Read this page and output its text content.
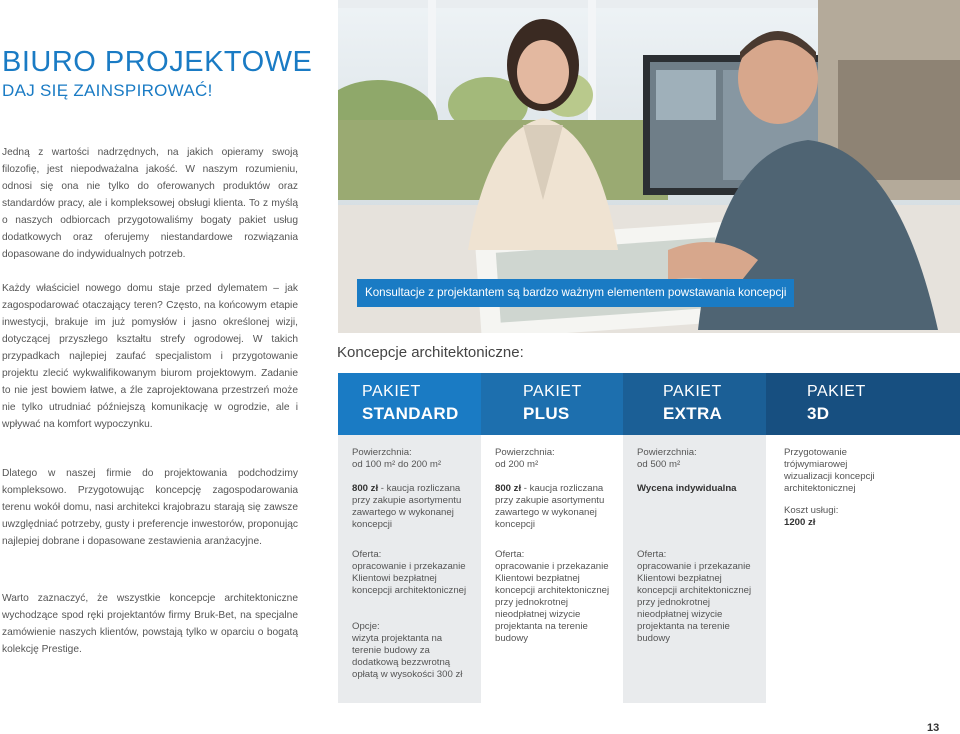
BIURO PROJEKTOWE
DAJ SIĘ ZAINSPIROWAĆ!

Jedną z wartości nadrzędnych, na jakich opieramy swoją filozofię, jest niepodważalna jakość. W naszym rozumieniu, odnosi się ona nie tylko do oferowanych produktów oraz standardów pracy, ale i kompleksowej obsługi klienta. To z myślą o naszych odbiorcach przygotowaliśmy bogaty pakiet usług dodatkowych oraz oferujemy niestandardowe rozwiązania dopasowane do indywidualnych potrzeb.

Każdy właściciel nowego domu staje przed dylematem – jak zagospodarować otaczający teren? Często, na końcowym etapie inwestycji, brakuje im już pomysłów i jasno określonej wizji, dotyczącej przyszłego kształtu strefy ogrodowej. W takich przypadkach najlepiej zaufać specjalistom i przygotowanie projektu zlecić wykwalifikowanym biurom projektowym. Zadanie to nie jest bowiem łatwe, a źle zaprojektowana przestrzeń może nie tylko utrudniać późniejszą komunikację w ogrodzie, ale i wpływać na komfort wypoczynku.

Dlatego w naszej firmie do projektowania podchodzimy kompleksowo. Przygotowując koncepcję zagospodarowania terenu wokół domu, nasi architekci krajobrazu starają się zawsze uwzględniać potrzeby, gusty i preferencje inwestorów, proponując najlepiej dobrane i dopasowane zestawienia aranżacyjne.

Warto zaznaczyć, że wszystkie koncepcje architektoniczne wychodzące spod ręki projektantów firmy Bruk-Bet, na specjalne zamówienie naszych klientów, powstają tylko w oparciu o bogatą kolekcję Prestige.

Konsultacje z projektantem są bardzo ważnym elementem powstawania koncepcji
Koncepcje architektoniczne:
PAKIET
STANDARD
PAKIET
PLUS
PAKIET
EXTRA
PAKIET
3D
Powierzchnia:
od 100 m² do 200 m²
800 zł - kaucja rozliczana przy zakupie asortymentu zawartego w wykonanej koncepcji
Oferta:
opracowanie i przekazanie Klientowi bezpłatnej koncepcji architektonicznej
Opcje:
wizyta projektanta na terenie budowy za dodatkową bezzwrotną opłatą w wysokości 300 zł
Powierzchnia:
od 200 m²
800 zł - kaucja rozliczana przy zakupie asortymentu zawartego w wykonanej koncepcji
Oferta:
opracowanie i przekazanie Klientowi bezpłatnej koncepcji architektonicznej przy jednokrotnej nieodpłatnej wizycie projektanta na terenie budowy
Powierzchnia:
od 500 m²
Wycena indywidualna
Oferta:
opracowanie i przekazanie Klientowi bezpłatnej koncepcji architektonicznej przy jednokrotnej nieodpłatnej wizycie projektanta na terenie budowy
Przygotowanie trójwymiarowej wizualizacji koncepcji architektonicznej
Koszt usługi:
1200 zł
13
